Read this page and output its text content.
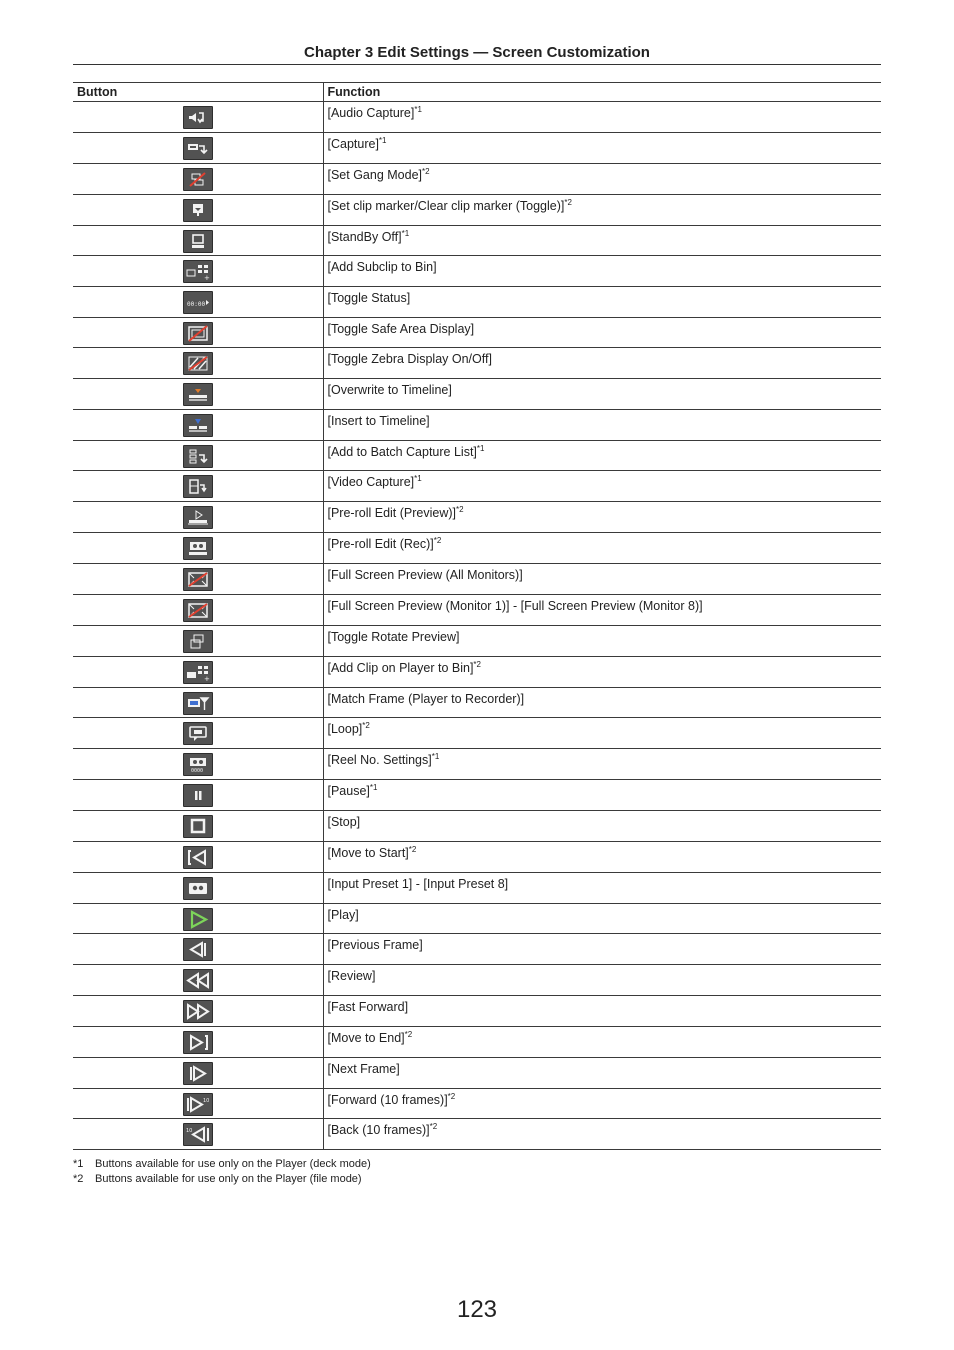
Chapter 3 Edit Settings — Screen Customization
Button	Function

	[Audio Capture]$^{*1}$

	[Capture]$^{*1}$

	[Set Gang Mode]$^{*2}$

	[Set clip marker/Clear clip marker (Toggle)]$^{*2}$

	[StandBy Off]$^{*1}$

+	[Add Subclip to Bin]

00:00	[Toggle Status]

	[Toggle Safe Area Display]

	[Toggle Zebra Display On/Off]

	[Overwrite to Timeline]

	[Insert to Timeline]

	[Add to Batch Capture List]$^{*1}$

	[Video Capture]$^{*1}$

	[Pre-roll Edit (Preview)]$^{*2}$

	[Pre-roll Edit (Rec)]$^{*2}$

	[Full Screen Preview (All Monitors)]

	[Full Screen Preview (Monitor 1)] - [Full Screen Preview (Monitor 8)]

	[Toggle Rotate Preview]

+	[Add Clip on Player to Bin]$^{*2}$

	[Match Frame (Player to Recorder)]

	[Loop]$^{*2}$

0000	[Reel No. Settings]$^{*1}$

	[Pause]$^{*1}$

	[Stop]

	[Move to Start]$^{*2}$

	[Input Preset 1] - [Input Preset 8]

	[Play]

	[Previous Frame]

	[Review]

	[Fast Forward]

	[Move to End]$^{*2}$

	[Next Frame]

10	[Forward (10 frames)]$^{*2}$

10	[Back (10 frames)]$^{*2}$
*1 Buttons available for use only on the Player (deck mode)
*2 Buttons available for use only on the Player (file mode)
123
